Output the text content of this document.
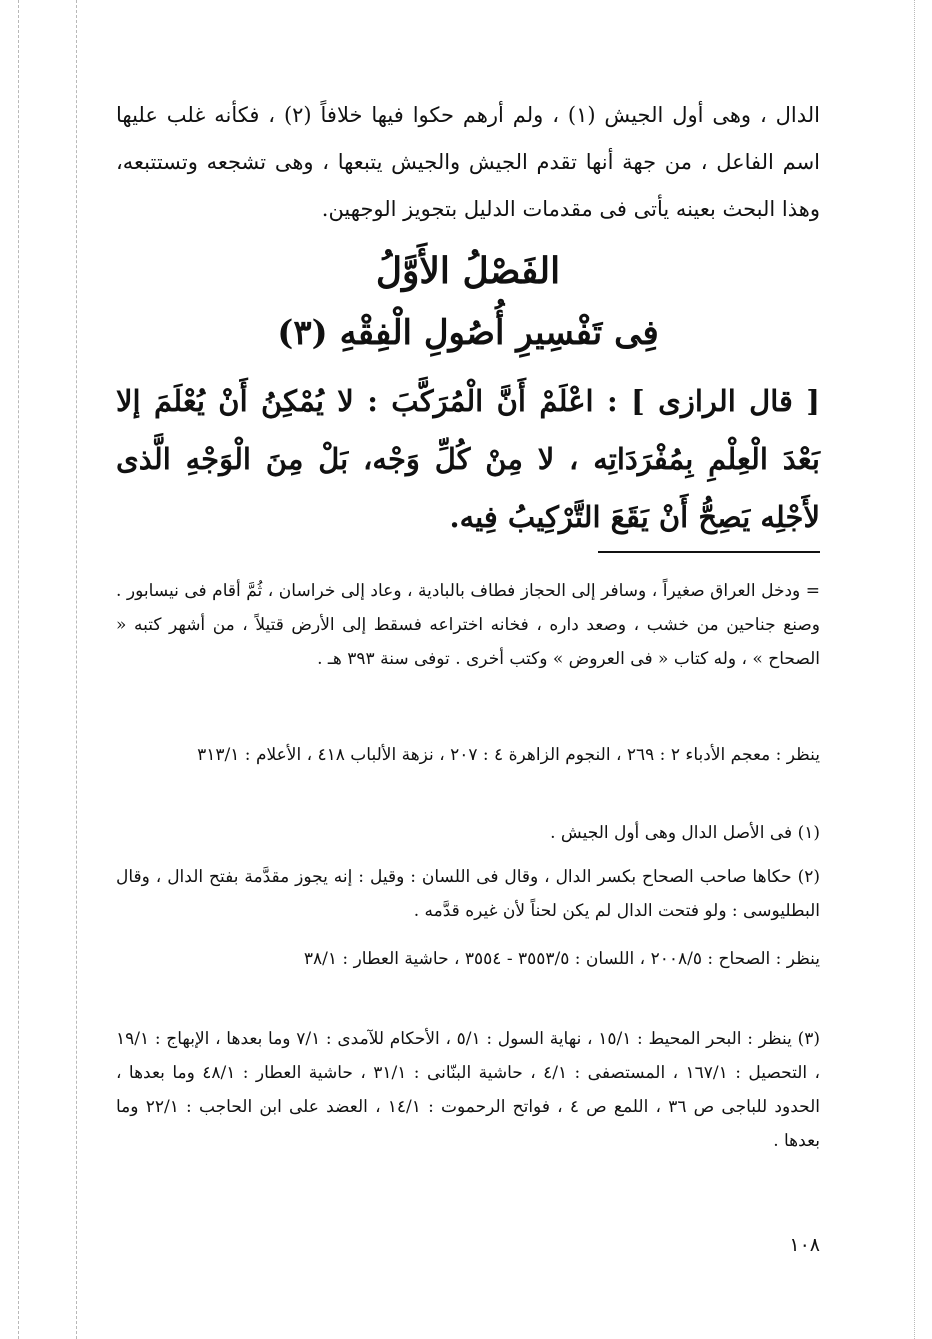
الدال ، وهى أول الجيش (١) ، ولم أرهم حكوا فيها خلافاً (٢) ، فكأنه غلب عليها اسم الفاعل ، من جهة أنها تقدم الجيش والجيش يتبعها ، وهى تشجعه وتستتبعه، وهذا البحث بعينه يأتى فى مقدمات الدليل بتجويز الوجهين.
الفَصْلُ الأَوَّلُ
فِى تَفْسِيرِ أُصُولِ الْفِقْهِ (٣)
[ قال الرازى ] : اعْلَمْ أَنَّ الْمُرَكَّبَ : لا يُمْكِنُ أَنْ يُعْلَمَ إلا بَعْدَ الْعِلْمِ بِمُفْرَدَاتِه ، لا مِنْ كُلِّ وَجْه، بَلْ مِنَ الْوَجْهِ الَّذى لأَجْلِه يَصِحُّ أَنْ يَقَعَ التَّرْكِيبُ فِيه.
= ودخل العراق صغيراً ، وسافر إلى الحجاز فطاف بالبادية ، وعاد إلى خراسان ، ثُمَّ أقام فى نيسابور . وصنع جناحين من خشب ، وصعد داره ، فخانه اختراعه فسقط إلى الأرض قتيلاً ، من أشهر كتبه « الصحاح » ، وله كتاب « فى العروض » وكتب أخرى . توفى سنة ٣٩٣ هـ .
ينظر : معجم الأدباء ٢ : ٢٦٩ ، النجوم الزاهرة ٤ : ٢٠٧ ، نزهة الألباب ٤١٨ ، الأعلام : ٣١٣/١
(١) فى الأصل الدال وهى أول الجيش .
(٢) حكاها صاحب الصحاح بكسر الدال ، وقال فى اللسان : وقيل : إنه يجوز مقدَّمة بفتح الدال ، وقال البطليوسى : ولو فتحت الدال لم يكن لحناً لأن غيره قدَّمه .
ينظر : الصحاح : ٢٠٠٨/٥ ، اللسان : ٣٥٥٣/٥ - ٣٥٥٤ ، حاشية العطار : ٣٨/١
(٣) ينظر : البحر المحيط : ١٥/١ ، نهاية السول : ٥/١ ، الأحكام للآمدى : ٧/١ وما بعدها ، الإبهاج : ١٩/١ ، التحصيل : ١٦٧/١ ، المستصفى : ٤/١ ، حاشية البنّانى : ٣١/١ ، حاشية العطار : ٤٨/١ وما بعدها ، الحدود للباجى ص ٣٦ ، اللمع ص ٤ ، فواتح الرحموت : ١٤/١ ، العضد على ابن الحاجب : ٢٢/١ وما بعدها .
١٠٨
